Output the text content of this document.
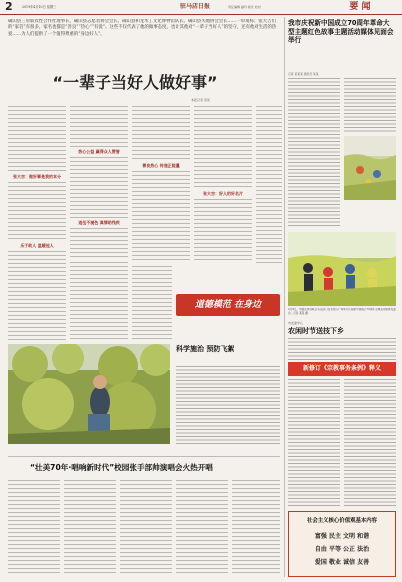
2	2019年4月10日 星期三	驻马店日报	责任编辑 副刊 版式 校对	要 闻
确山县三府联农性合作社理事长、确山县志愿者协会会长、确山县和龙木工文化博物馆队长、确山县失地协会会长……一串角标；张大吉们的“家首”有很多，家名也都是“善良”“热心”“有爱”。这些不仅代表了他的做事态度，也让其他对“一辈子当好人”的坚守，还有他对生活的热爱……为人们提供了一个值得尊重的“身边好人”。
“一辈子当好人做好事”
本报记者 某某
张大吉：做好事是我的本分
乐于助人 温暖他人
热心公益 赢得众人赞誉
退伍不褪色 真情助残疾
善良热心 传递正能量
张大吉：好人的好名片
道德模范 在身边
我市庆祝新中国成立70周年革命大型主题红色故事主题活动媒体见面会举行
记者 某某某 通讯员 某某
4月9日，市委宣传部联合有关部门在龙泉山广场举行庆祝新中国成立70周年主题活动媒体见面会。记者 某某 摄
市农委中心
农闲时节送技下乡
新修订《宗教事务条例》释义
科学施治 预防飞絮
“壮美70年·唱响新时代”校园张手部帅演唱会火热开唱
社会主义核心价值观基本内容
富强 民主 文明 和谐
自由 平等 公正 法治
爱国 敬业 诚信 友善
